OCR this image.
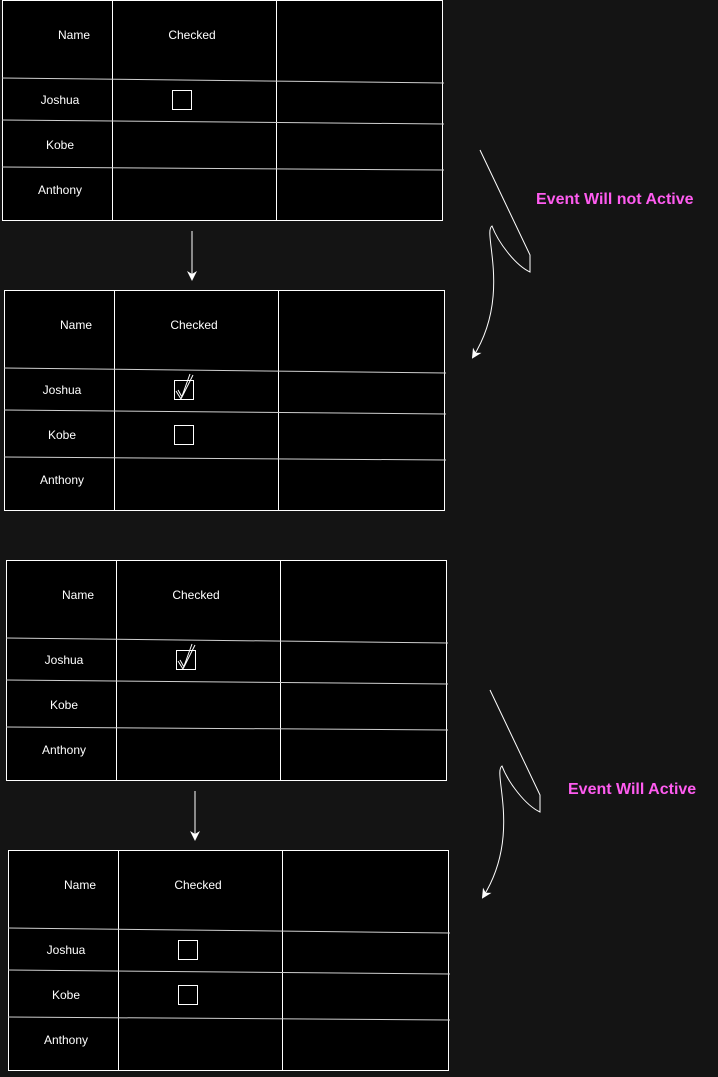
Name	Checked
Joshua
Kobe
Anthony
Name	Checked
Joshua
Kobe
Anthony
Name	Checked
Joshua
Kobe
Anthony
Name	Checked
Joshua
Kobe
Anthony
Event Will not Active
Event Will Active
